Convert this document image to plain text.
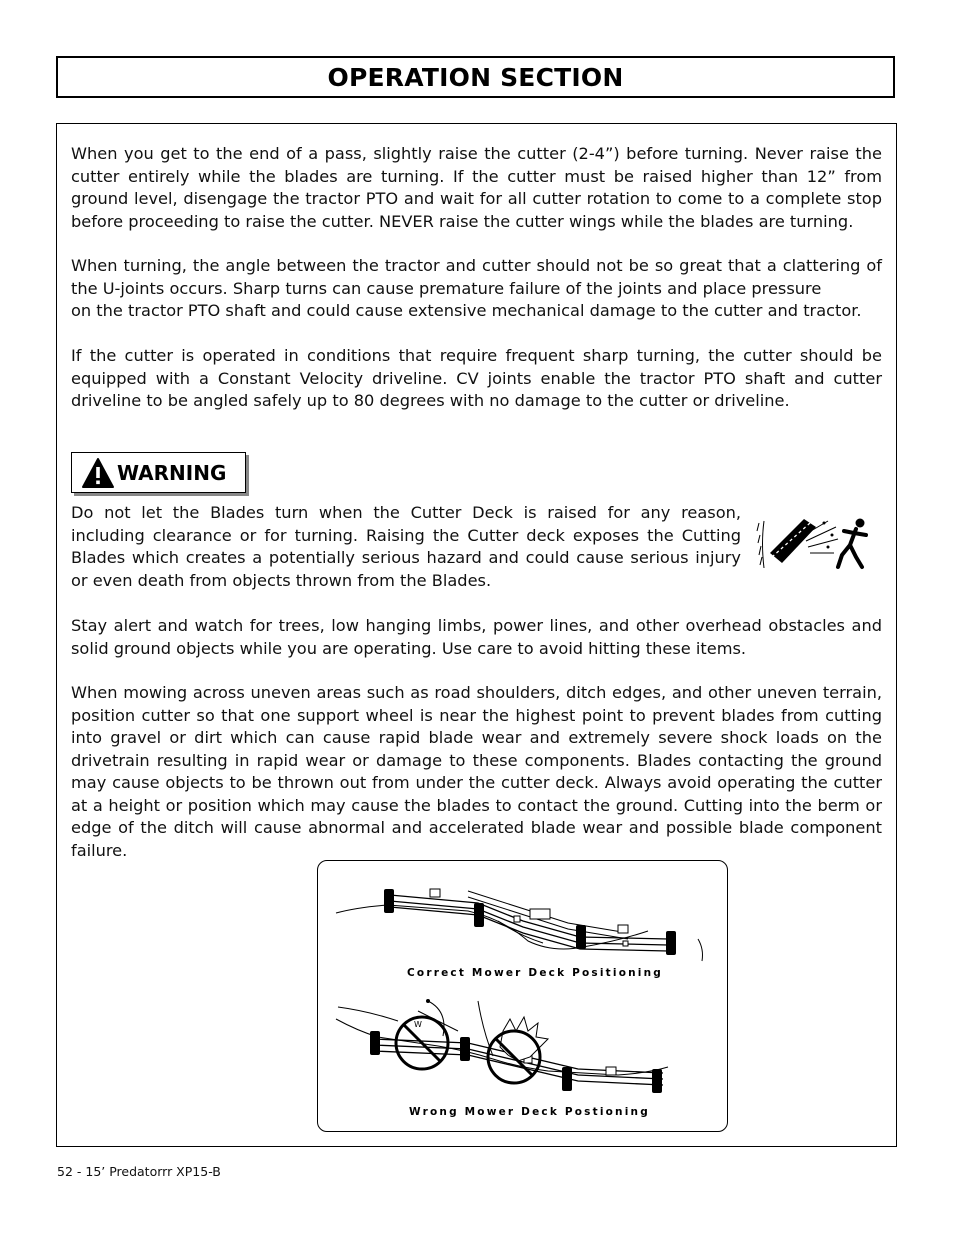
OPERATION SECTION

When you get to the end of a pass, slightly raise the cutter (2-4”) before turning. Never raise the cutter entirely while the blades are turning. If the cutter must be raised higher than 12” from ground level, disengage the tractor PTO and wait for all cutter rotation to come to a complete stop before proceeding to raise the cutter. NEVER raise the cutter wings while the blades are turning.

When turning, the angle between the tractor and cutter should not be so great that a clattering of the U-joints occurs. Sharp turns can cause premature failure of the joints and place pressure

on the tractor PTO shaft and could cause extensive mechanical damage to the cutter and tractor.

If the cutter is operated in conditions that require frequent sharp turning, the cutter should be equipped with a Constant Velocity driveline. CV joints enable the tractor PTO shaft and cutter driveline to be angled safely up to 80 degrees with no damage to the cutter or driveline.

WARNING

Do not let the Blades turn when the Cutter Deck is raised for any reason, including clearance or for turning. Raising the Cutter deck exposes the Cutting Blades which creates a potentially serious hazard and could cause serious injury or even death from objects thrown from the Blades.

Stay alert and watch for trees, low hanging limbs, power lines, and other overhead obstacles and solid ground objects while you are operating. Use care to avoid hitting these items.

When mowing across uneven areas such as road shoulders, ditch edges, and other uneven terrain, position cutter so that one support wheel is near the highest point to prevent blades from cutting into gravel or dirt which can cause rapid blade wear and extremely severe shock loads on the drivetrain resulting in rapid wear or damage to these components. Blades contacting the ground may cause objects to be thrown out from under the cutter deck. Always avoid operating the cutter at a height or position which may cause the blades to contact the ground. Cutting into the berm or edge of the ditch will cause abnormal and accelerated blade wear and possible blade component failure.

W
Correct Mower Deck Positioning
Wrong Mower Deck Postioning
52 - 15’ Predatorrr XP15-B
